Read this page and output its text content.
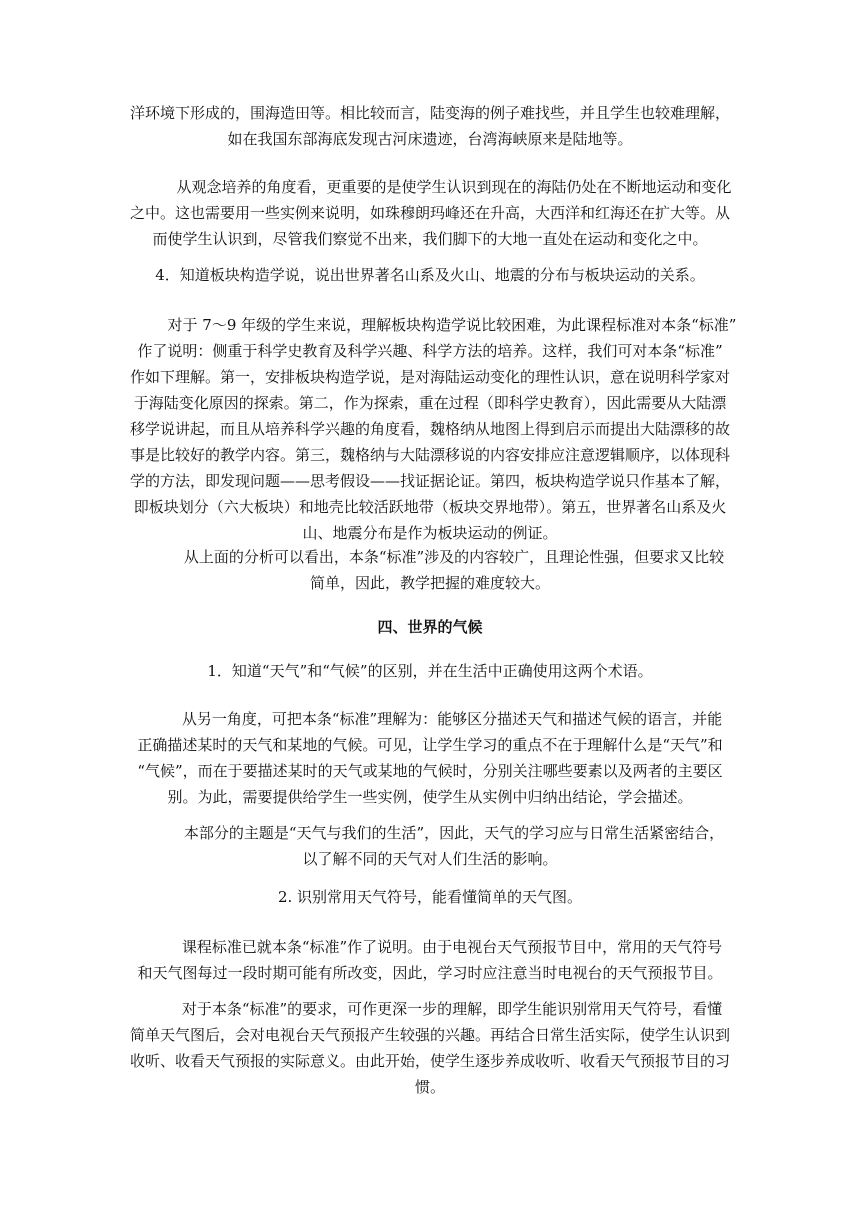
洋环境下形成的，围海造田等。相比较而言，陆变海的例子难找些，并且学生也较难理解，
如在我国东部海底发现古河床遗迹，台湾海峡原来是陆地等。
从观念培养的角度看，更重要的是使学生认识到现在的海陆仍处在不断地运动和变化
之中。这也需要用一些实例来说明，如珠穆朗玛峰还在升高，大西洋和红海还在扩大等。从
而使学生认识到，尽管我们察觉不出来，我们脚下的大地一直处在运动和变化之中。
4．知道板块构造学说，说出世界著名山系及火山、地震的分布与板块运动的关系。
对于 7～9 年级的学生来说，理解板块构造学说比较困难，为此课程标准对本条“标准”
作了说明：侧重于科学史教育及科学兴趣、科学方法的培养。这样，我们可对本条“标准”
作如下理解。第一，安排板块构造学说，是对海陆运动变化的理性认识，意在说明科学家对
于海陆变化原因的探索。第二，作为探索，重在过程（即科学史教育），因此需要从大陆漂
移学说讲起，而且从培养科学兴趣的角度看，魏格纳从地图上得到启示而提出大陆漂移的故
事是比较好的教学内容。第三，魏格纳与大陆漂移说的内容安排应注意逻辑顺序，以体现科
学的方法，即发现问题——思考假设——找证据论证。第四，板块构造学说只作基本了解，
即板块划分（六大板块）和地壳比较活跃地带（板块交界地带）。第五，世界著名山系及火
山、地震分布是作为板块运动的例证。
从上面的分析可以看出，本条“标准”涉及的内容较广，且理论性强，但要求又比较
简单，因此，教学把握的难度较大。
四、世界的气候
1．知道“天气”和“气候”的区别，并在生活中正确使用这两个术语。
从另一角度，可把本条“标准”理解为：能够区分描述天气和描述气候的语言，并能
正确描述某时的天气和某地的气候。可见，让学生学习的重点不在于理解什么是“天气”和
“气候”，而在于要描述某时的天气或某地的气候时，分别关注哪些要素以及两者的主要区
别。为此，需要提供给学生一些实例，使学生从实例中归纳出结论，学会描述。
本部分的主题是“天气与我们的生活”，因此，天气的学习应与日常生活紧密结合，
以了解不同的天气对人们生活的影响。
2. 识别常用天气符号，能看懂简单的天气图。
课程标准已就本条“标准”作了说明。由于电视台天气预报节目中，常用的天气符号
和天气图每过一段时期可能有所改变，因此，学习时应注意当时电视台的天气预报节目。
对于本条“标准”的要求，可作更深一步的理解，即学生能识别常用天气符号，看懂
简单天气图后，会对电视台天气预报产生较强的兴趣。再结合日常生活实际，使学生认识到
收听、收看天气预报的实际意义。由此开始，使学生逐步养成收听、收看天气预报节目的习
惯。
